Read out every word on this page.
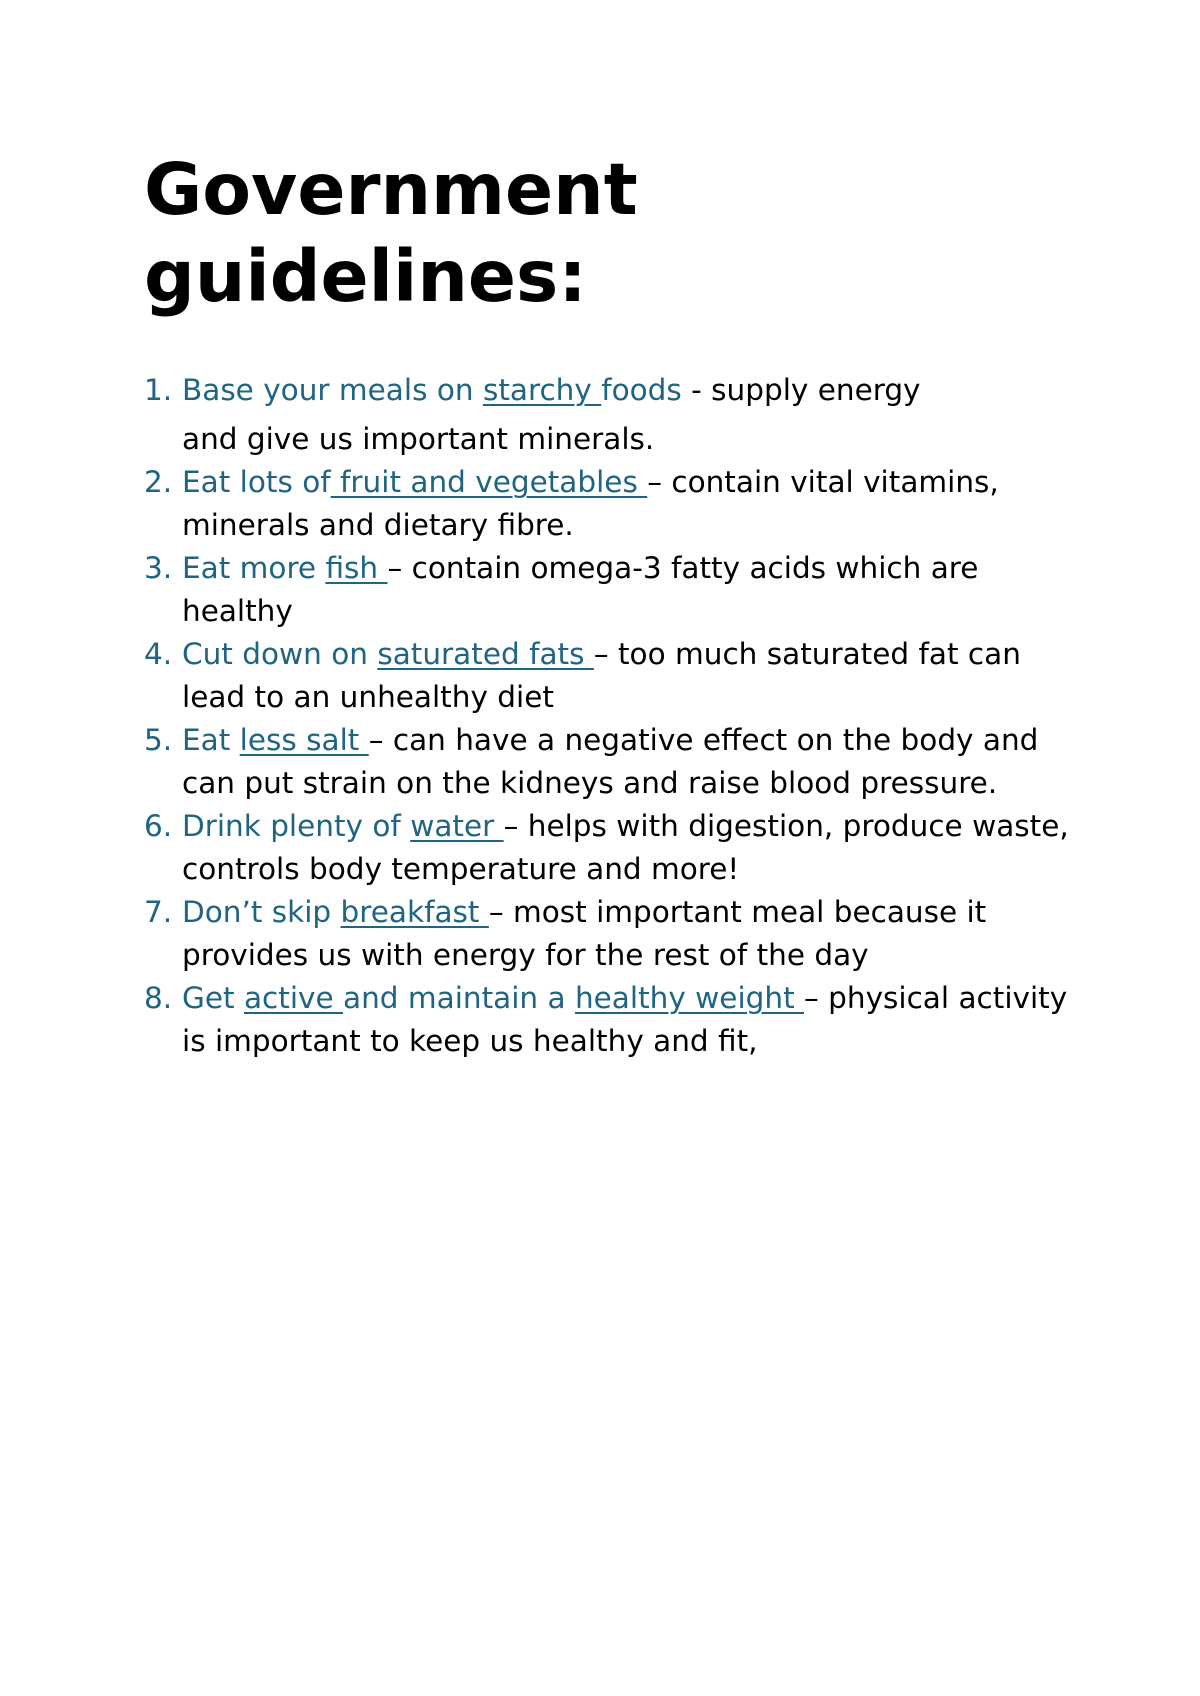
Government
guidelines:
1. Base your meals on starchy foods - supply energy
and give us important minerals.
2. Eat lots of fruit and vegetables – contain vital vitamins, minerals and dietary fibre.
3. Eat more fish – contain omega-3 fatty acids which are healthy
4. Cut down on saturated fats – too much saturated fat can lead to an unhealthy diet
5. Eat less salt – can have a negative effect on the body and can put strain on the kidneys and raise blood pressure.
6. Drink plenty of water – helps with digestion, produce waste, controls body temperature and more!
7. Don’t skip breakfast – most important meal because it provides us with energy for the rest of the day
8. Get active and maintain a healthy weight – physical activity is important to keep us healthy and fit,
